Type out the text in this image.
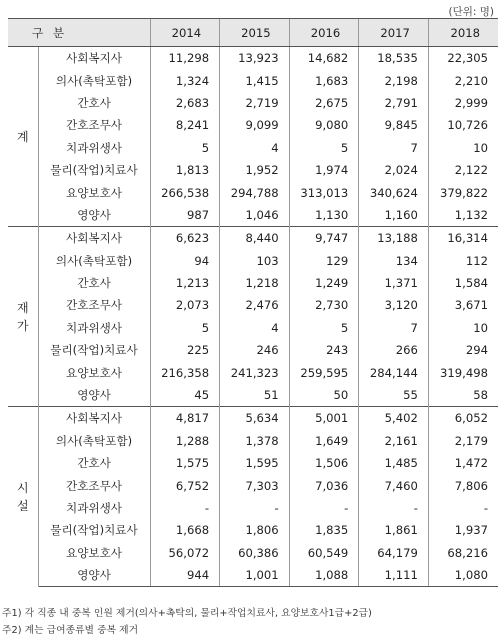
(단위: 명)
구 분		2014	2015	2016	2017	2018

계	사회복지사	11,298	13,923	14,682	18,535	22,305
	의사(촉탁포함)	1,324	1,415	1,683	2,198	2,210
	간호사	2,683	2,719	2,675	2,791	2,999
	간호조무사	8,241	9,099	9,080	9,845	10,726
	치과위생사	5	4	5	7	10
	물리(작업)치료사	1,813	1,952	1,974	2,024	2,122
	요양보호사	266,538	294,788	313,013	340,624	379,822
	영양사	987	1,046	1,130	1,160	1,132

재
가	사회복지사	6,623	8,440	9,747	13,188	16,314
	의사(촉탁포함)	94	103	129	134	112
	간호사	1,213	1,218	1,249	1,371	1,584
	간호조무사	2,073	2,476	2,730	3,120	3,671
	치과위생사	5	4	5	7	10
	물리(작업)치료사	225	246	243	266	294
	요양보호사	216,358	241,323	259,595	284,144	319,498
	영양사	45	51	50	55	58

시
설	사회복지사	4,817	5,634	5,001	5,402	6,052
	의사(촉탁포함)	1,288	1,378	1,649	2,161	2,179
	간호사	1,575	1,595	1,506	1,485	1,472
	간호조무사	6,752	7,303	7,036	7,460	7,806
	치과위생사	-	-	-	-	-
	물리(작업)치료사	1,668	1,806	1,835	1,861	1,937
	요양보호사	56,072	60,386	60,549	64,179	68,216
	영양사	944	1,001	1,088	1,111	1,080
주1) 각 직종 내 중복 인원 제거(의사+촉탁의, 물리+작업치료사, 요양보호사1급+2급)
주2) 계는 급여종류별 중복 제거
